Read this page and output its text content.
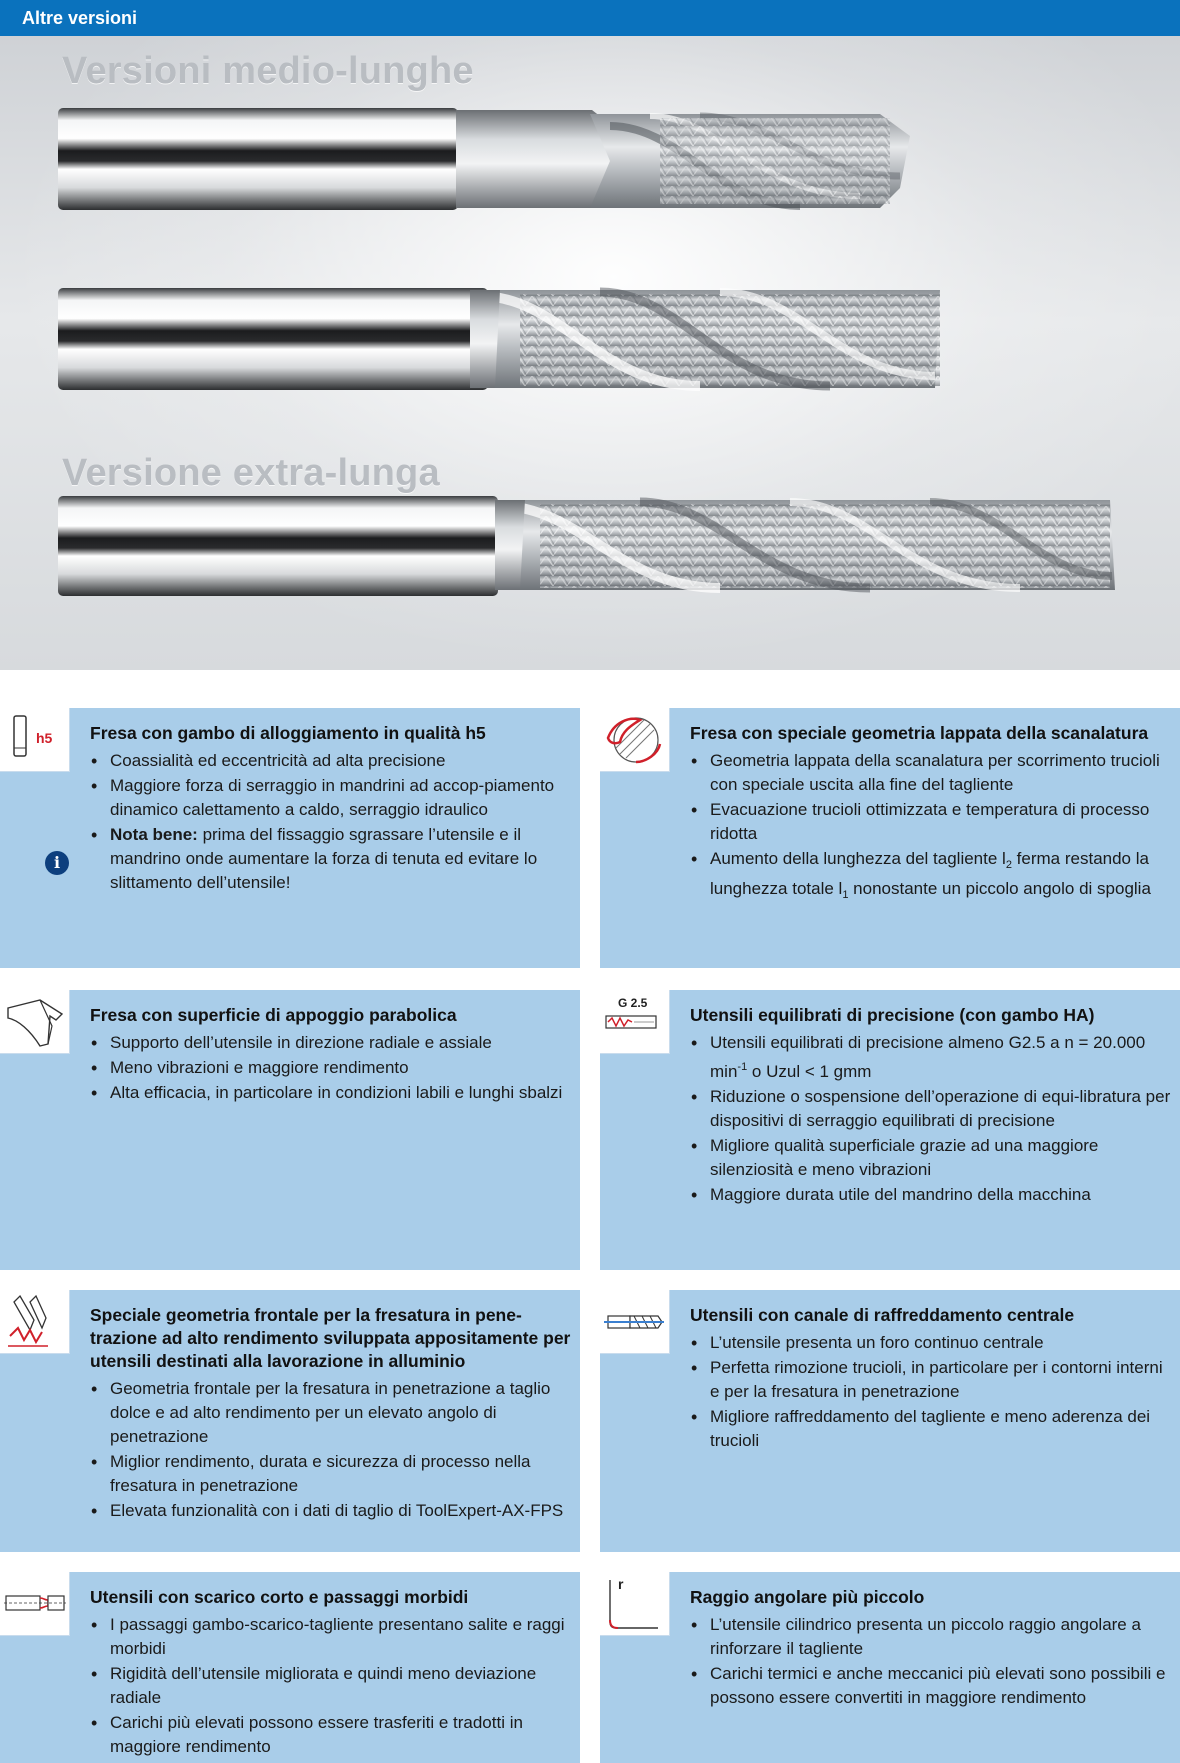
Altre versioni
Versioni medio-lunghe
Versione extra-lunga
h5
i
Fresa con gambo di alloggiamento in qualità h5
• Coassialità ed eccentricità ad alta precisione
• Maggiore forza di serraggio in mandrini ad accop-piamento dinamico calettamento a caldo, serraggio idraulico
• Nota bene: prima del fissaggio sgrassare l’utensile e il mandrino onde aumentare la forza di tenuta ed evitare lo slittamento dell’utensile!
Fresa con speciale geometria lappata della scanalatura
• Geometria lappata della scanalatura per scorrimento trucioli con speciale uscita alla fine del tagliente
• Evacuazione trucioli ottimizzata e temperatura di processo ridotta
• Aumento della lunghezza del tagliente $l_2$ ferma restando la lunghezza totale $l_1$ nonostante un piccolo angolo di spoglia
Fresa con superficie di appoggio parabolica
• Supporto dell’utensile in direzione radiale e assiale
• Meno vibrazioni e maggiore rendimento
• Alta efficacia, in particolare in condizioni labili e lunghi sbalzi
G 2.5
Utensili equilibrati di precisione (con gambo HA)
• Utensili equilibrati di precisione almeno G2.5 a n = 20.000 $\min^{-1} o$ Uzul < 1 gmm
• Riduzione o sospensione dell’operazione di equi-libratura per dispositivi di serraggio equilibrati di precisione
• Migliore qualità superficiale grazie ad una maggiore silenziosità e meno vibrazioni
• Maggiore durata utile del mandrino della macchina
Speciale geometria frontale per la fresatura in pene-trazione ad alto rendimento sviluppata appositamente per utensili destinati alla lavorazione in alluminio
• Geometria frontale per la fresatura in penetrazione a taglio dolce e ad alto rendimento per un elevato angolo di penetrazione
• Miglior rendimento, durata e sicurezza di processo nella fresatura in penetrazione
• Elevata funzionalità con i dati di taglio di ToolExpert-AX-FPS
Utensili con canale di raffreddamento centrale
• L’utensile presenta un foro continuo centrale
• Perfetta rimozione trucioli, in particolare per i contorni interni e per la fresatura in penetrazione
• Migliore raffreddamento del tagliente e meno aderenza dei trucioli
Utensili con scarico corto e passaggi morbidi
• I passaggi gambo-scarico-tagliente presentano salite e raggi morbidi
• Rigidità dell’utensile migliorata e quindi meno deviazione radiale
• Carichi più elevati possono essere trasferiti e tradotti in maggiore rendimento
r
Raggio angolare più piccolo
• L’utensile cilindrico presenta un piccolo raggio angolare a rinforzare il tagliente
• Carichi termici e anche meccanici più elevati sono possibili e possono essere convertiti in maggiore rendimento
